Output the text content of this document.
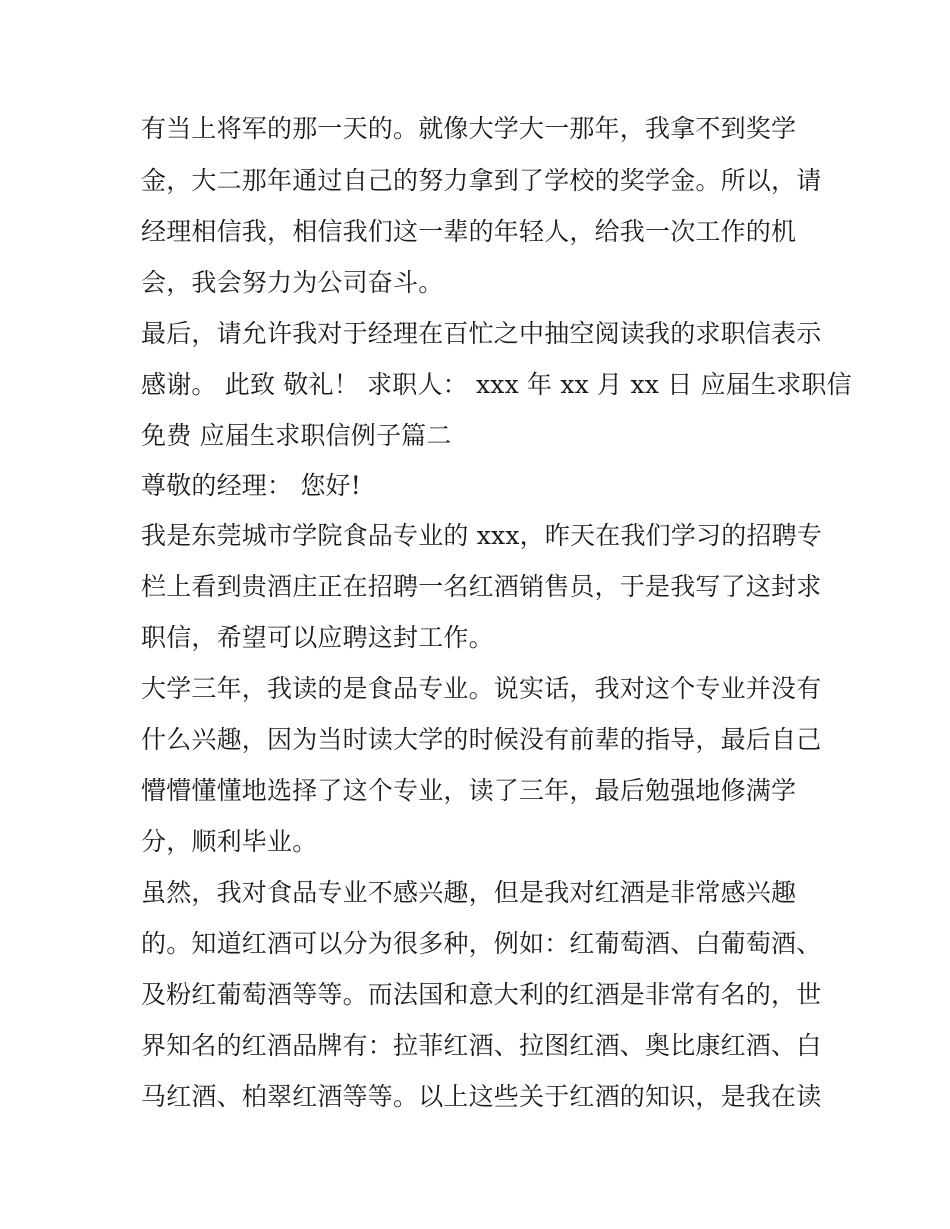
有当上将军的那一天的。就像大学大一那年，我拿不到奖学
金，大二那年通过自己的努力拿到了学校的奖学金。所以，请
经理相信我，相信我们这一辈的年轻人，给我一次工作的机
会，我会努力为公司奋斗。
最后，请允许我对于经理在百忙之中抽空阅读我的求职信表示
感谢。 此致 敬礼！ 求职人： xxx 年 xx 月 xx 日 应届生求职信
免费 应届生求职信例子篇二
尊敬的经理： 您好!
我是东莞城市学院食品专业的 xxx，昨天在我们学习的招聘专
栏上看到贵酒庄正在招聘一名红酒销售员，于是我写了这封求
职信，希望可以应聘这封工作。
大学三年，我读的是食品专业。说实话，我对这个专业并没有
什么兴趣，因为当时读大学的时候没有前辈的指导，最后自己
懵懵懂懂地选择了这个专业，读了三年，最后勉强地修满学
分，顺利毕业。
虽然，我对食品专业不感兴趣，但是我对红酒是非常感兴趣
的。知道红酒可以分为很多种，例如：红葡萄酒、白葡萄酒、
及粉红葡萄酒等等。而法国和意大利的红酒是非常有名的，世
界知名的红酒品牌有：拉菲红酒、拉图红酒、奥比康红酒、白
马红酒、柏翠红酒等等。以上这些关于红酒的知识，是我在读
